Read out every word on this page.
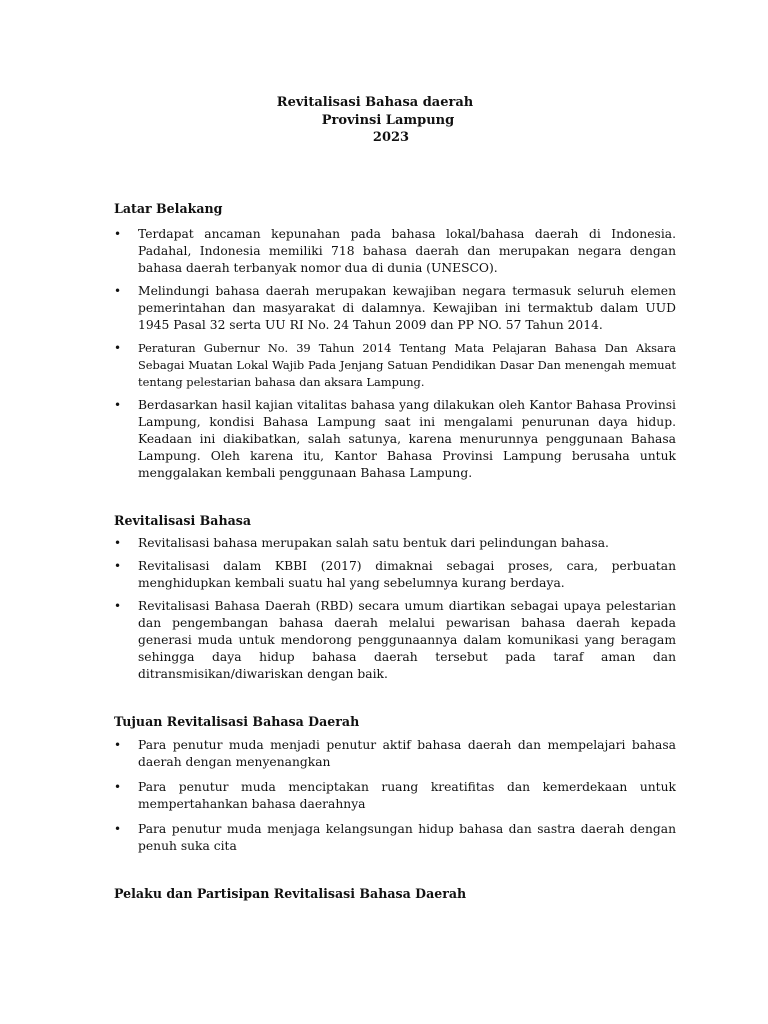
Revitalisasi Bahasa daerah
Provinsi Lampung
2023
Latar Belakang
•	Terdapat ancaman kepunahan pada bahasa lokal/bahasa daerah di Indonesia. Padahal, Indonesia memiliki 718 bahasa daerah dan merupakan negara dengan bahasa daerah terbanyak nomor dua di dunia (UNESCO).
•	Melindungi bahasa daerah merupakan kewajiban negara termasuk seluruh elemen pemerintahan dan masyarakat di dalamnya. Kewajiban ini termaktub dalam UUD 1945 Pasal 32 serta UU RI No. 24 Tahun 2009 dan PP NO. 57 Tahun 2014.
•	Peraturan Gubernur No. 39 Tahun 2014 Tentang Mata Pelajaran Bahasa Dan Aksara Sebagai Muatan Lokal Wajib Pada Jenjang Satuan Pendidikan Dasar Dan menengah memuat tentang pelestarian bahasa dan aksara Lampung.
•	Berdasarkan hasil kajian vitalitas bahasa yang dilakukan oleh Kantor Bahasa Provinsi Lampung, kondisi Bahasa Lampung saat ini mengalami penurunan daya hidup. Keadaan ini diakibatkan, salah satunya, karena menurunnya penggunaan Bahasa Lampung. Oleh karena itu, Kantor Bahasa Provinsi Lampung berusaha untuk menggalakan kembali penggunaan Bahasa Lampung.
Revitalisasi Bahasa
•	Revitalisasi bahasa merupakan salah satu bentuk dari pelindungan bahasa.
•	Revitalisasi dalam KBBI (2017) dimaknai sebagai proses, cara, perbuatan menghidupkan kembali suatu hal yang sebelumnya kurang berdaya.
•	Revitalisasi Bahasa Daerah (RBD) secara umum diartikan sebagai upaya pelestarian dan pengembangan bahasa daerah melalui pewarisan bahasa daerah kepada generasi muda untuk mendorong penggunaannya dalam komunikasi yang beragam sehingga daya hidup bahasa daerah tersebut pada taraf aman dan ditransmisikan/diwariskan dengan baik.
Tujuan Revitalisasi Bahasa Daerah
•	Para penutur muda menjadi penutur aktif bahasa daerah dan mempelajari bahasa daerah dengan menyenangkan
•	Para penutur muda menciptakan ruang kreatifitas dan kemerdekaan untuk mempertahankan bahasa daerahnya
•	Para penutur muda menjaga kelangsungan hidup bahasa dan sastra daerah dengan penuh suka cita
Pelaku dan Partisipan Revitalisasi Bahasa Daerah
